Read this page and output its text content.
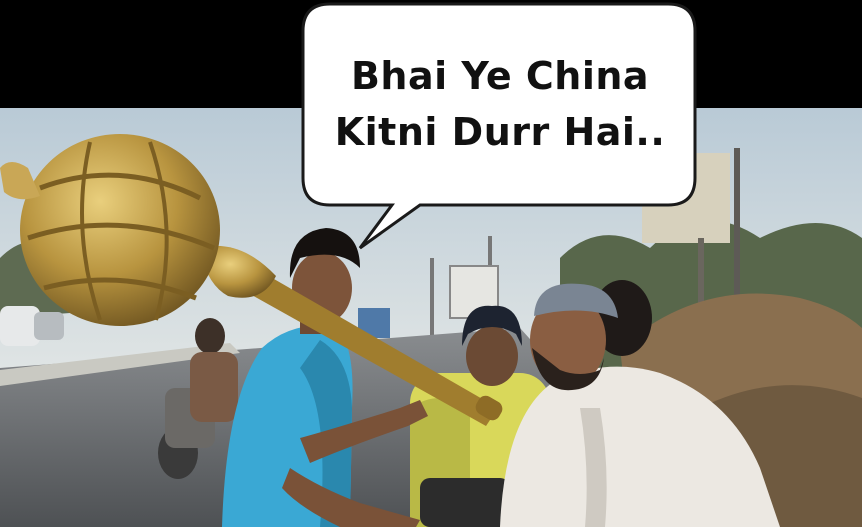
Bhai Ye China
Kitni Durr Hai..
